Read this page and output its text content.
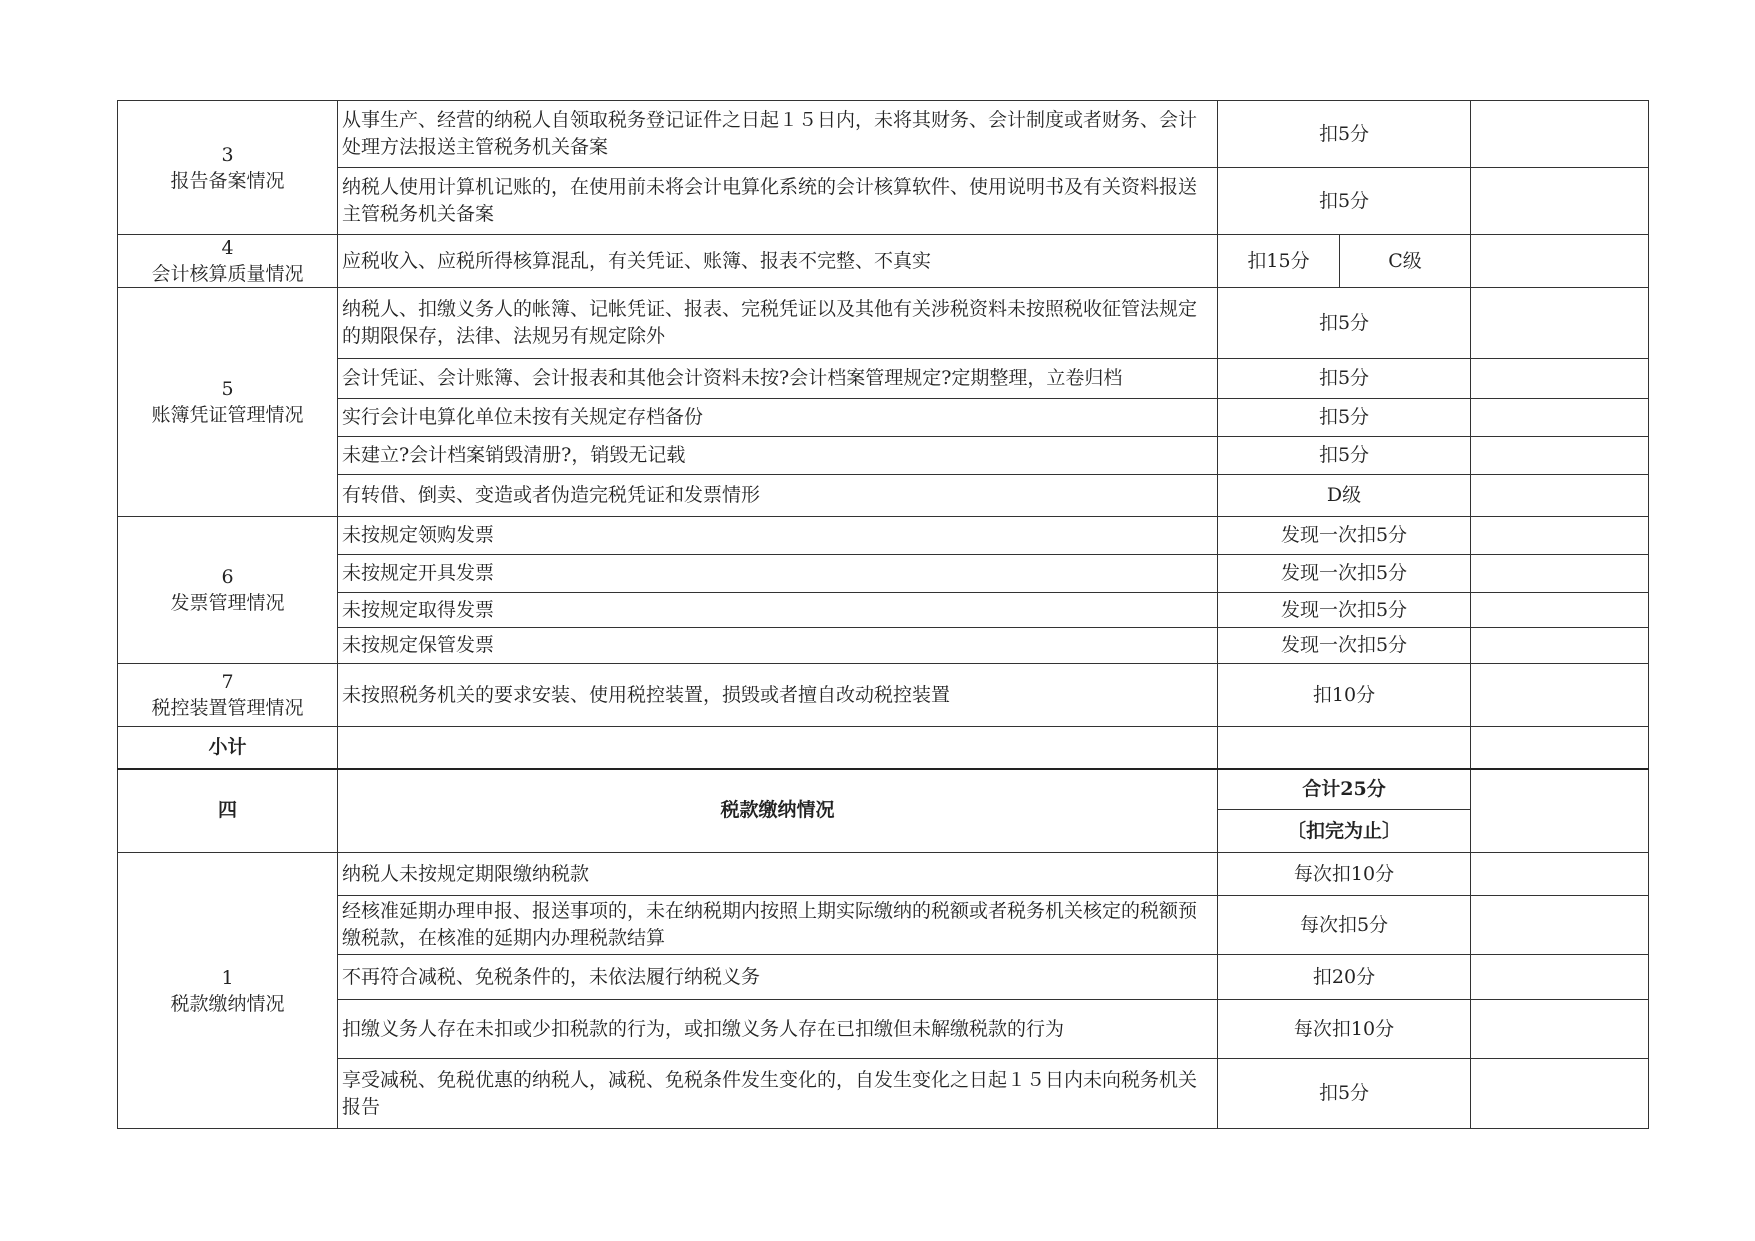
3
报告备案情况	从事生产、经营的纳税人自领取税务登记证件之日起１５日内，未将其财务、会计制度或者财务、会计处理方法报送主管税务机关备案	扣5分		
	纳税人使用计算机记账的，在使用前未将会计电算化系统的会计核算软件、使用说明书及有关资料报送主管税务机关备案	扣5分		

4
会计核算质量情况	应税收入、应税所得核算混乱，有关凭证、账簿、报表不完整、不真实	扣15分	C级	

5
账簿凭证管理情况	纳税人、扣缴义务人的帐簿、记帐凭证、报表、完税凭证以及其他有关涉税资料未按照税收征管法规定的期限保存，法律、法规另有规定除外	扣5分		
	会计凭证、会计账簿、会计报表和其他会计资料未按?会计档案管理规定?定期整理，立卷归档	扣5分		
	实行会计电算化单位未按有关规定存档备份	扣5分		
	未建立?会计档案销毁清册?，销毁无记载	扣5分		
	有转借、倒卖、变造或者伪造完税凭证和发票情形	D级		

6
发票管理情况	未按规定领购发票	发现一次扣5分		
	未按规定开具发票	发现一次扣5分		
	未按规定取得发票	发现一次扣5分		
	未按规定保管发票	发现一次扣5分		

7
税控装置管理情况	未按照税务机关的要求安装、使用税控装置，损毁或者擅自改动税控装置	扣10分		
小计				
四	税款缴纳情况	合计25分		
		〔扣完为止〕		

1
税款缴纳情况	纳税人未按规定期限缴纳税款	每次扣10分		
	经核准延期办理申报、报送事项的，未在纳税期内按照上期实际缴纳的税额或者税务机关核定的税额预缴税款，在核准的延期内办理税款结算	每次扣5分		
	不再符合减税、免税条件的，未依法履行纳税义务	扣20分		
	扣缴义务人存在未扣或少扣税款的行为，或扣缴义务人存在已扣缴但未解缴税款的行为	每次扣10分		
	享受减税、免税优惠的纳税人，减税、免税条件发生变化的，自发生变化之日起１５日内未向税务机关报告	扣5分		
